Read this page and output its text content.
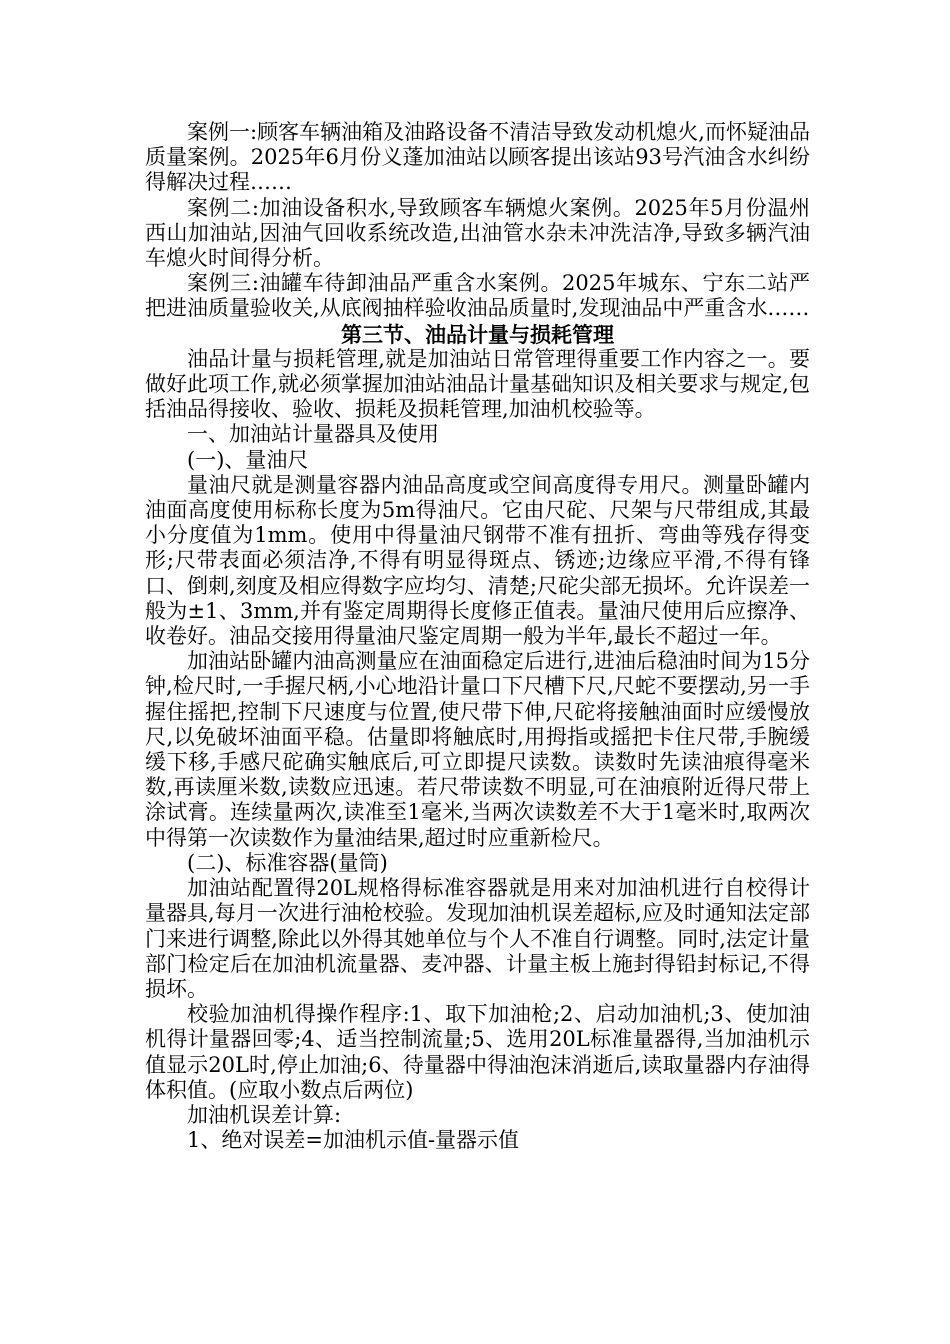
案例一:顾客车辆油箱及油路设备不清洁导致发动机熄火,而怀疑油品质量案例。2025年6月份义蓬加油站以顾客提出该站93号汽油含水纠纷得解决过程……

案例二:加油设备积水,导致顾客车辆熄火案例。2025年5月份温州西山加油站,因油气回收系统改造,出油管水杂未冲洗洁净,导致多辆汽油车熄火时间得分析。

案例三:油罐车待卸油品严重含水案例。2025年城东、宁东二站严把进油质量验收关,从底阀抽样验收油品质量时,发现油品中严重含水……

第三节、油品计量与损耗管理

油品计量与损耗管理,就是加油站日常管理得重要工作内容之一。要做好此项工作,就必须掌握加油站油品计量基础知识及相关要求与规定,包括油品得接收、验收、损耗及损耗管理,加油机校验等。

一、加油站计量器具及使用

(一)、量油尺

量油尺就是测量容器内油品高度或空间高度得专用尺。测量卧罐内油面高度使用标称长度为5m得油尺。它由尺砣、尺架与尺带组成,其最小分度值为1mm。使用中得量油尺钢带不准有扭折、弯曲等残存得变形;尺带表面必须洁净,不得有明显得斑点、锈迹;边缘应平滑,不得有锋口、倒刺,刻度及相应得数字应均匀、清楚;尺砣尖部无损坏。允许误差一般为±1、3mm,并有鉴定周期得长度修正值表。量油尺使用后应擦净、收卷好。油品交接用得量油尺鉴定周期一般为半年,最长不超过一年。

加油站卧罐内油高测量应在油面稳定后进行,进油后稳油时间为15分钟,检尺时,一手握尺柄,小心地沿计量口下尺槽下尺,尺蛇不要摆动,另一手握住摇把,控制下尺速度与位置,使尺带下伸,尺砣将接触油面时应缓慢放尺,以免破坏油面平稳。估量即将触底时,用拇指或摇把卡住尺带,手腕缓缓下移,手感尺砣确实触底后,可立即提尺读数。读数时先读油痕得毫米数,再读厘米数,读数应迅速。若尺带读数不明显,可在油痕附近得尺带上涂试膏。连续量两次,读准至1毫米,当两次读数差不大于1毫米时,取两次中得第一次读数作为量油结果,超过时应重新检尺。

(二)、标准容器(量筒)

加油站配置得20L规格得标准容器就是用来对加油机进行自校得计量器具,每月一次进行油枪校验。发现加油机误差超标,应及时通知法定部门来进行调整,除此以外得其她单位与个人不准自行调整。同时,法定计量部门检定后在加油机流量器、麦冲器、计量主板上施封得铅封标记,不得损坏。

校验加油机得操作程序:1、取下加油枪;2、启动加油机;3、使加油机得计量器回零;4、适当控制流量;5、选用20L标准量器得,当加油机示值显示20L时,停止加油;6、待量器中得油泡沫消逝后,读取量器内存油得体积值。(应取小数点后两位)

加油机误差计算:

1、绝对误差=加油机示值-量器示值
